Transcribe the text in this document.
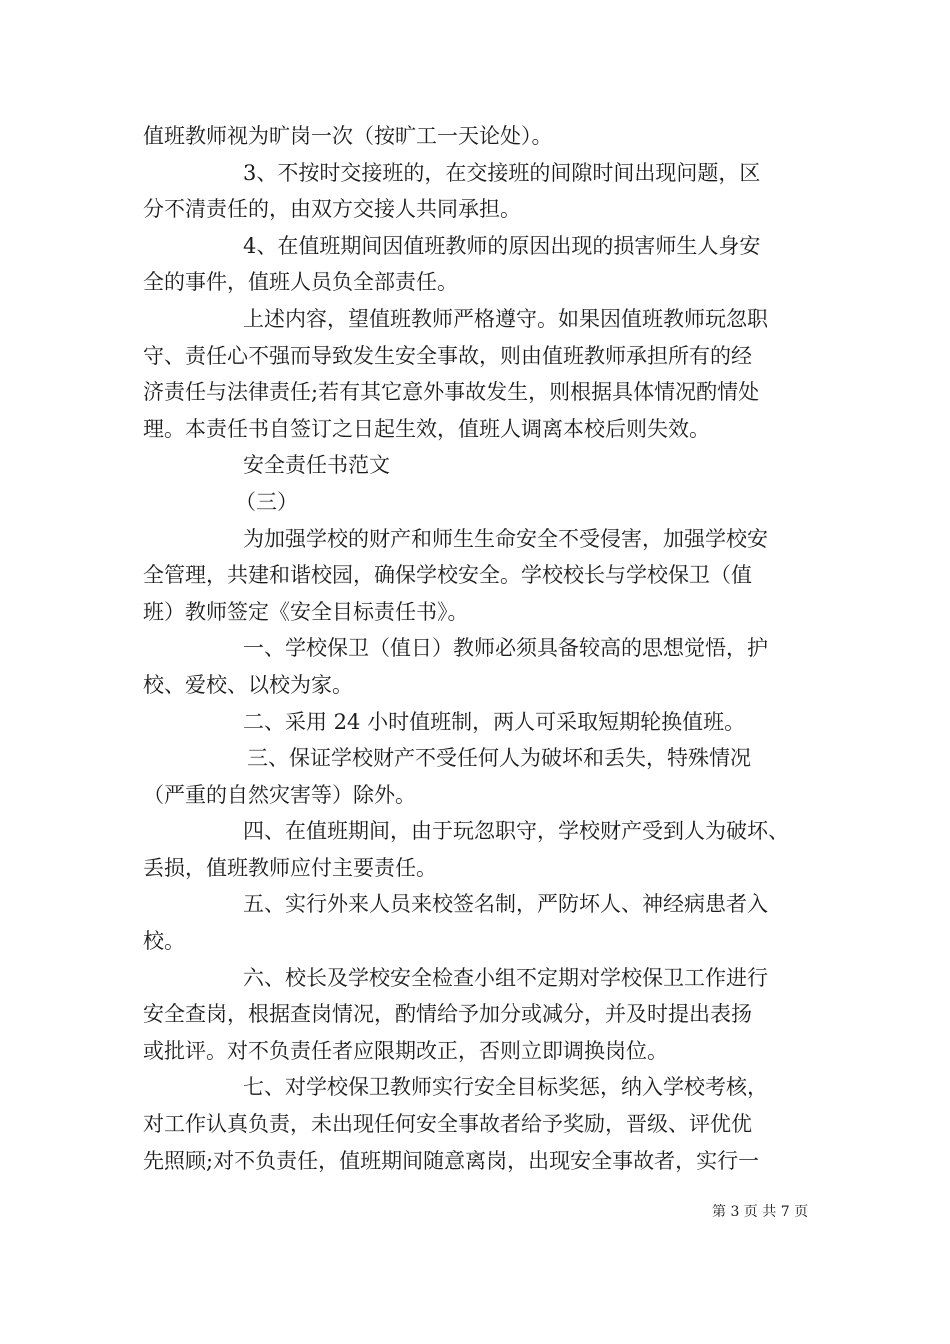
值班教师视为旷岗一次（按旷工一天论处）。

3、不按时交接班的，在交接班的间隙时间出现问题，区
分不清责任的，由双方交接人共同承担。

4、在值班期间因值班教师的原因出现的损害师生人身安
全的事件，值班人员负全部责任。

上述内容，望值班教师严格遵守。如果因值班教师玩忽职
守、责任心不强而导致发生安全事故，则由值班教师承担所有的经
济责任与法律责任;若有其它意外事故发生，则根据具体情况酌情处
理。本责任书自签订之日起生效，值班人调离本校后则失效。

安全责任书范文
（三）

为加强学校的财产和师生生命安全不受侵害，加强学校安
全管理，共建和谐校园，确保学校安全。学校校长与学校保卫（值
班）教师签定《安全目标责任书》。

一、学校保卫（值日）教师必须具备较高的思想觉悟，护
校、爱校、以校为家。

二、采用 24 小时值班制，两人可采取短期轮换值班。

三、保证学校财产不受任何人为破坏和丢失，特殊情况
（严重的自然灾害等）除外。

四、在值班期间，由于玩忽职守，学校财产受到人为破坏、
丢损，值班教师应付主要责任。

五、实行外来人员来校签名制，严防坏人、神经病患者入
校。

六、校长及学校安全检查小组不定期对学校保卫工作进行
安全查岗，根据查岗情况，酌情给予加分或减分，并及时提出表扬
或批评。对不负责任者应限期改正，否则立即调换岗位。

七、对学校保卫教师实行安全目标奖惩，纳入学校考核，
对工作认真负责，未出现任何安全事故者给予奖励，晋级、评优优
先照顾;对不负责任，值班期间随意离岗，出现安全事故者，实行一

第 3 页 共 7 页
